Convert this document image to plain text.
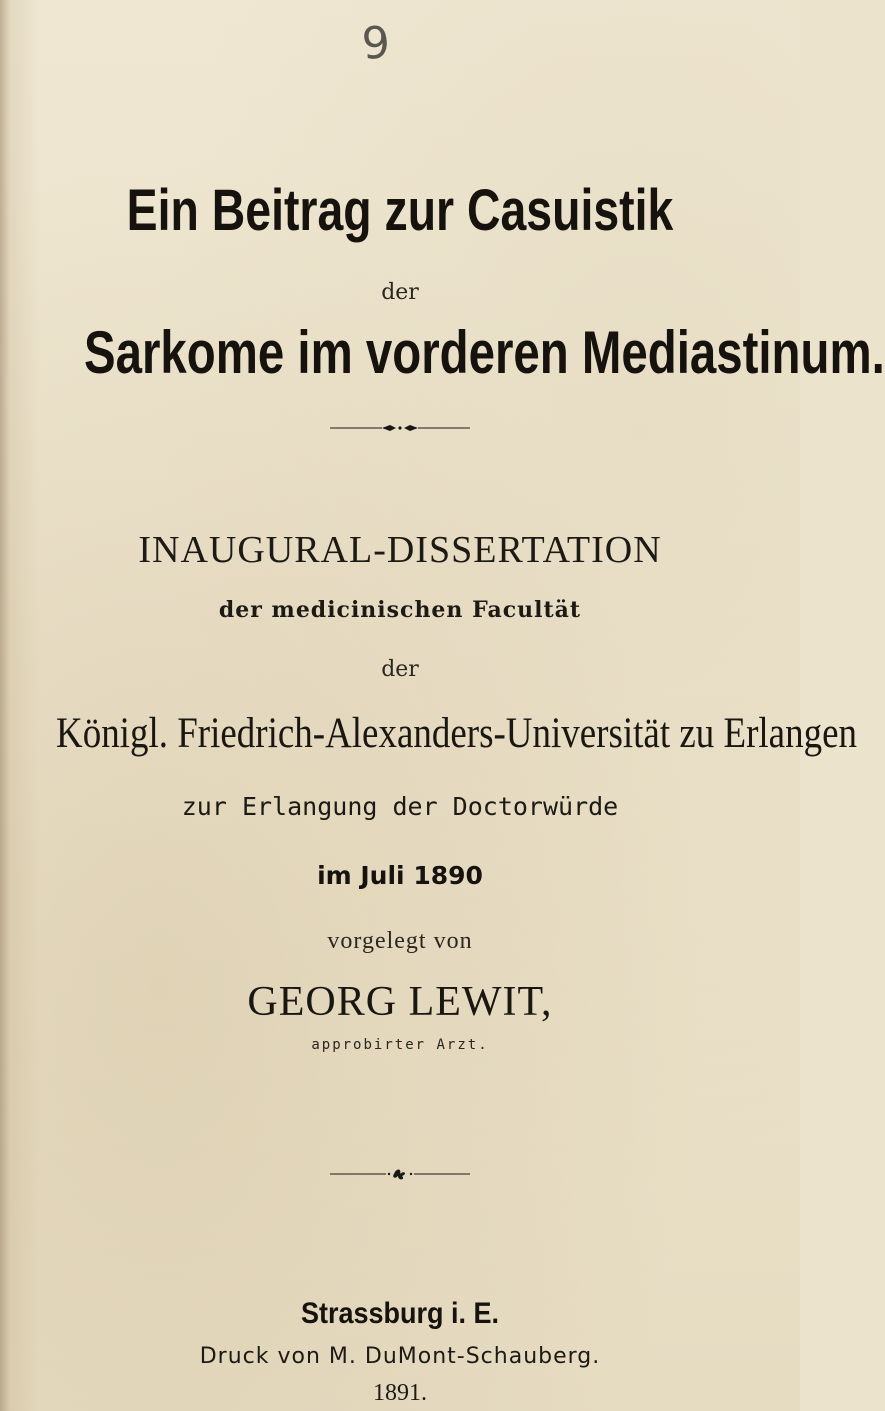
9
Ein Beitrag zur Casuistik
der
Sarkome im vorderen Mediastinum.
INAUGURAL-DISSERTATION
der medicinischen Facultät
der
Königl. Friedrich-Alexanders-Universität zu Erlangen
zur Erlangung der Doctorwürde
im Juli 1890
vorgelegt von
GEORG LEWIT,
approbirter Arzt.
Strassburg i. E.
Druck von M. DuMont-Schauberg.
1891.
